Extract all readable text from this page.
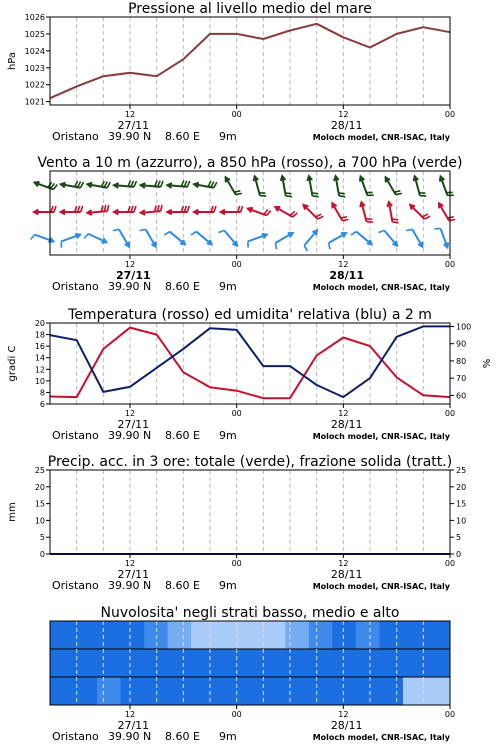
Pressione al livello medio del mare
1021
1022
1023
1024
1025
1026
hPa
12	00	12	00
27/11	28/11
Oristano 39.90 N 8.60 E 9m	Moloch model, CNR-ISAC, Italy
Vento a 10 m (azzurro), a 850 hPa (rosso), a 700 hPa (verde)
12	00	12	00
27/11	28/11
Oristano 39.90 N 8.60 E 9m	Moloch model, CNR-ISAC, Italy
Temperatura (rosso) ed umidita' relativa (blu) a 2 m
6
8
10
12
14
16
18
20
60
70
80
90
100
gradi C	%
12	00	12	00
27/11	28/11
Oristano 39.90 N 8.60 E 9m	Moloch model, CNR-ISAC, Italy
Precip. acc. in 3 ore: totale (verde), frazione solida (tratt.)
0
5
10
15
20
25
0
5
10
15
20
25
mm
12	00	12	00
27/11	28/11
Oristano 39.90 N 8.60 E 9m	Moloch model, CNR-ISAC, Italy
Nuvolosita' negli strati basso, medio e alto
12	00	12	00
27/11	28/11
Oristano 39.90 N 8.60 E 9m	Moloch model, CNR-ISAC, Italy
